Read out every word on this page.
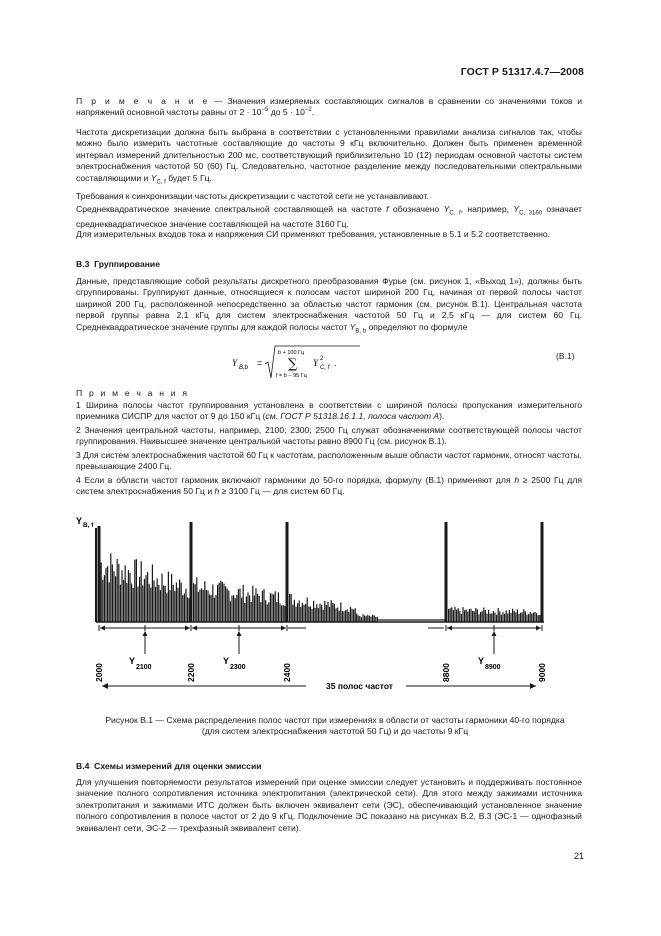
ГОСТ Р 51317.4.7—2008
П р и м е ч а н и е — Значения измеряемых составляющих сигналов в сравнении со значениями токов и напряжений основной частоты равны от $2 \cdot 10^{-5}$ до $5 \cdot 10^{-2}$.
Частота дискретизации должна быть выбрана в соответствии с установленными правилами анализа сигналов так, чтобы можно было измерить частотные составляющие до частоты 9 кГц включительно. Должен быть применен временной интервал измерений длительностью 200 мс, соответствующий приблизительно 10 (12) периодам основной частоты систем электроснабжения частотой 50 (60) Гц. Следовательно, частотное разделение между последовательными спектральными составляющими и $Y_{C, f}$ будет 5 Гц.
Требования к синхронизации частоты дискретизации с частотой сети не устанавливают.
Среднеквадратическое значение спектральной составляющей на частоте f обозначено $Y_{C, f}$, например, $Y_{C, 3160}$ означает среднеквадратическое значение составляющей на частоте 3160 Гц.
Для измерительных входов тока и напряжения СИ применяют требования, установленные в 5.1 и 5.2 соответственно.
В.3 Группирование
Данные, представляющие собой результаты дискретного преобразования Фурье (см. рисунок 1, «Выход 1»), должны быть сгруппированы. Группируют данные, относящиеся к полосам частот шириной 200 Гц, начиная от первой полосы частот шириной 200 Гц, расположенной непосредственно за областью частот гармоник (см. рисунок В.1). Центральная частота первой группы равна 2,1 кГц для систем электроснабжения частотой 50 Гц и 2,5 кГц — для систем 60 Гц. Среднеквадратическое значение группы для каждой полосы частот $Y_{B, b}$ определяют по формуле
Y B,b =
b + 100 Гц
∑
f = b − 95 Гц
Y 2
C, f .
(В.1)
П р и м е ч а н и я
1 Ширина полосы частот группирования установлена в соответствии с шириной полосы пропускания измерительного приемника СИСПР для частот от 9 до 150 кГц (см. ГОСТ Р 51318.16.1.1, полоса частот А).
2 Значения центральной частоты, например, 2100; 2300; 2500 Гц служат обозначениями соответствующей полосы частот группирования. Наивысшее значение центральной частоты равно 8900 Гц (см. рисунок В.1).
3 Для систем электроснабжения частотой 60 Гц к частотам, расположенным выше области частот гармоник, относят частоты, превышающие 2400 Гц.
4 Если в области частот гармоник включают гармоники до 50-го порядка, формулу (В.1) применяют для h ≥ 2500 Гц для систем электроснабжения 50 Гц и h ≥ 3100 Гц — для систем 60 Гц.
Y B, f
2000	2200	2400	8800	9000
Y
2100
Y
2300
Y
8900
35 полос частот
Рисунок В.1 — Схема распределения полос частот при измерениях в области от частоты гармоники 40-го порядка
(для систем электроснабжения частотой 50 Гц) и до частоты 9 кГц
В.4 Схемы измерений для оценки эмиссии
Для улучшения повторяемости результатов измерений при оценке эмиссии следует установить и поддерживать постоянное значение полного сопротивления источника электропитания (электрической сети). Для этого между зажимами источника электропитания и зажимами ИТС должен быть включен эквивалент сети (ЭС), обеспечивающий установленное значение полного сопротивления в полосе частот от 2 до 9 кГц. Подключение ЭС показано на рисунках В.2, В.3 (ЭС-1 — однофазный эквивалент сети, ЭС-2 — трехфазный эквивалент сети).
21
